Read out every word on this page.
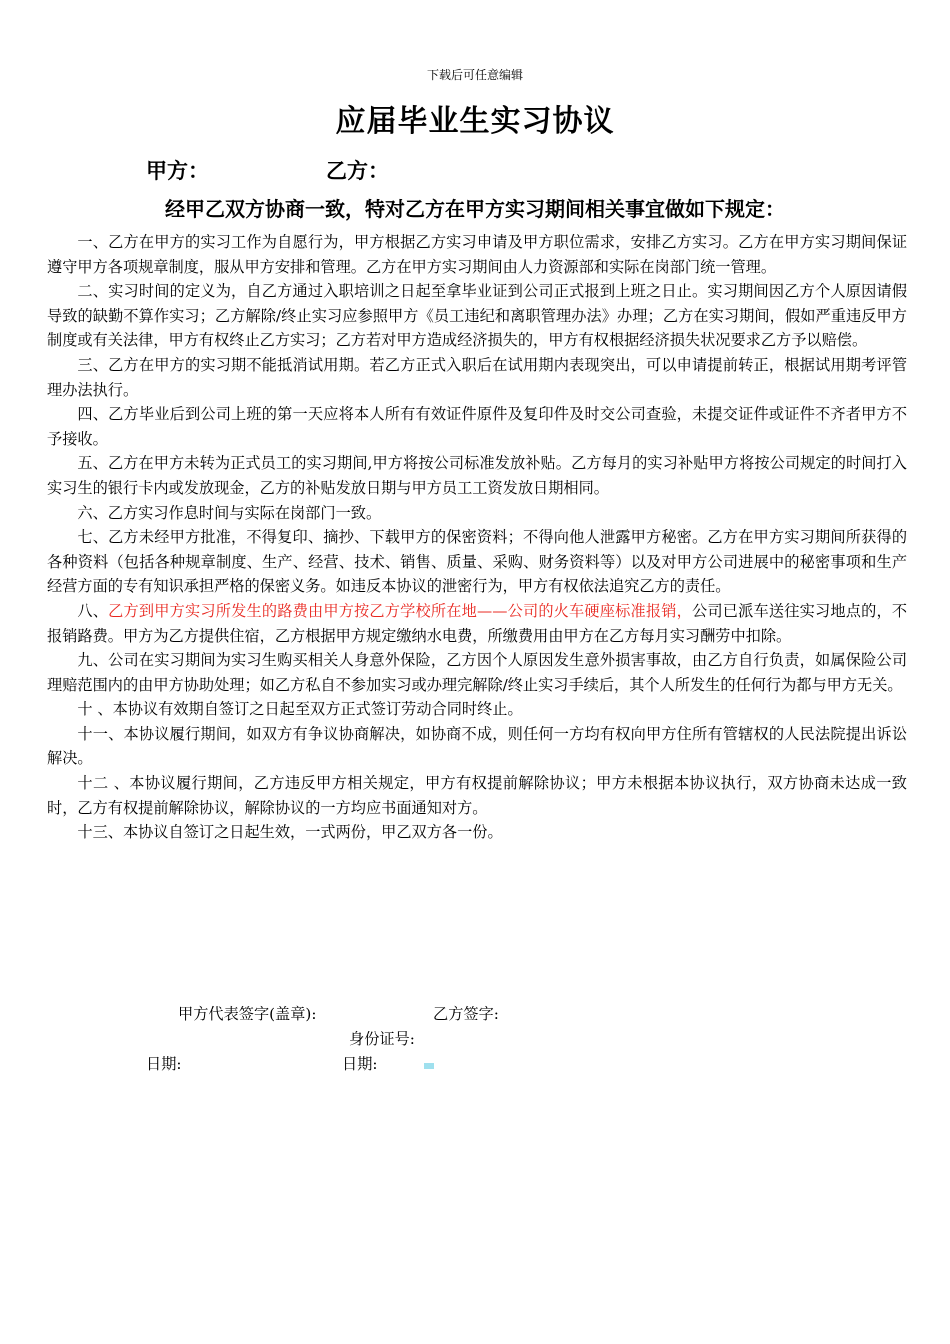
下载后可任意编辑
应届毕业生实习协议
甲方：	乙方：
经甲乙双方协商一致，特对乙方在甲方实习期间相关事宜做如下规定：

一、乙方在甲方的实习工作为自愿行为，甲方根据乙方实习申请及甲方职位需求，安排乙方实习。乙方在甲方实习期间保证遵守甲方各项规章制度，服从甲方安排和管理。乙方在甲方实习期间由人力资源部和实际在岗部门统一管理。

二、实习时间的定义为，自乙方通过入职培训之日起至拿毕业证到公司正式报到上班之日止。实习期间因乙方个人原因请假导致的缺勤不算作实习；乙方解除/终止实习应参照甲方《员工违纪和离职管理办法》办理；乙方在实习期间，假如严重违反甲方制度或有关法律，甲方有权终止乙方实习；乙方若对甲方造成经济损失的，甲方有权根据经济损失状况要求乙方予以赔偿。

三、乙方在甲方的实习期不能抵消试用期。若乙方正式入职后在试用期内表现突出，可以申请提前转正，根据试用期考评管理办法执行。

四、乙方毕业后到公司上班的第一天应将本人所有有效证件原件及复印件及时交公司查验，未提交证件或证件不齐者甲方不予接收。

五、乙方在甲方未转为正式员工的实习期间,甲方将按公司标准发放补贴。乙方每月的实习补贴甲方将按公司规定的时间打入实习生的银行卡内或发放现金，乙方的补贴发放日期与甲方员工工资发放日期相同。

六、乙方实习作息时间与实际在岗部门一致。

七、乙方未经甲方批准，不得复印、摘抄、下载甲方的保密资料；不得向他人泄露甲方秘密。乙方在甲方实习期间所获得的各种资料（包括各种规章制度、生产、经营、技术、销售、质量、采购、财务资料等）以及对甲方公司进展中的秘密事项和生产经营方面的专有知识承担严格的保密义务。如违反本协议的泄密行为，甲方有权依法追究乙方的责任。

八、乙方到甲方实习所发生的路费由甲方按乙方学校所在地——公司的火车硬座标准报销，公司已派车送往实习地点的，不报销路费。甲方为乙方提供住宿，乙方根据甲方规定缴纳水电费，所缴费用由甲方在乙方每月实习酬劳中扣除。

九、公司在实习期间为实习生购买相关人身意外保险，乙方因个人原因发生意外损害事故，由乙方自行负责，如属保险公司理赔范围内的由甲方协助处理；如乙方私自不参加实习或办理完解除/终止实习手续后，其个人所发生的任何行为都与甲方无关。

十 、本协议有效期自签订之日起至双方正式签订劳动合同时终止。

十一、本协议履行期间，如双方有争议协商解决，如协商不成，则任何一方均有权向甲方住所有管辖权的人民法院提出诉讼解决。

十二 、本协议履行期间，乙方违反甲方相关规定，甲方有权提前解除协议；甲方未根据本协议执行，双方协商未达成一致时，乙方有权提前解除协议，解除协议的一方均应书面通知对方。

十三、本协议自签订之日起生效，一式两份，甲乙双方各一份。

甲方代表签字(盖章):	乙方签字:
身份证号:
日期:	日期:
